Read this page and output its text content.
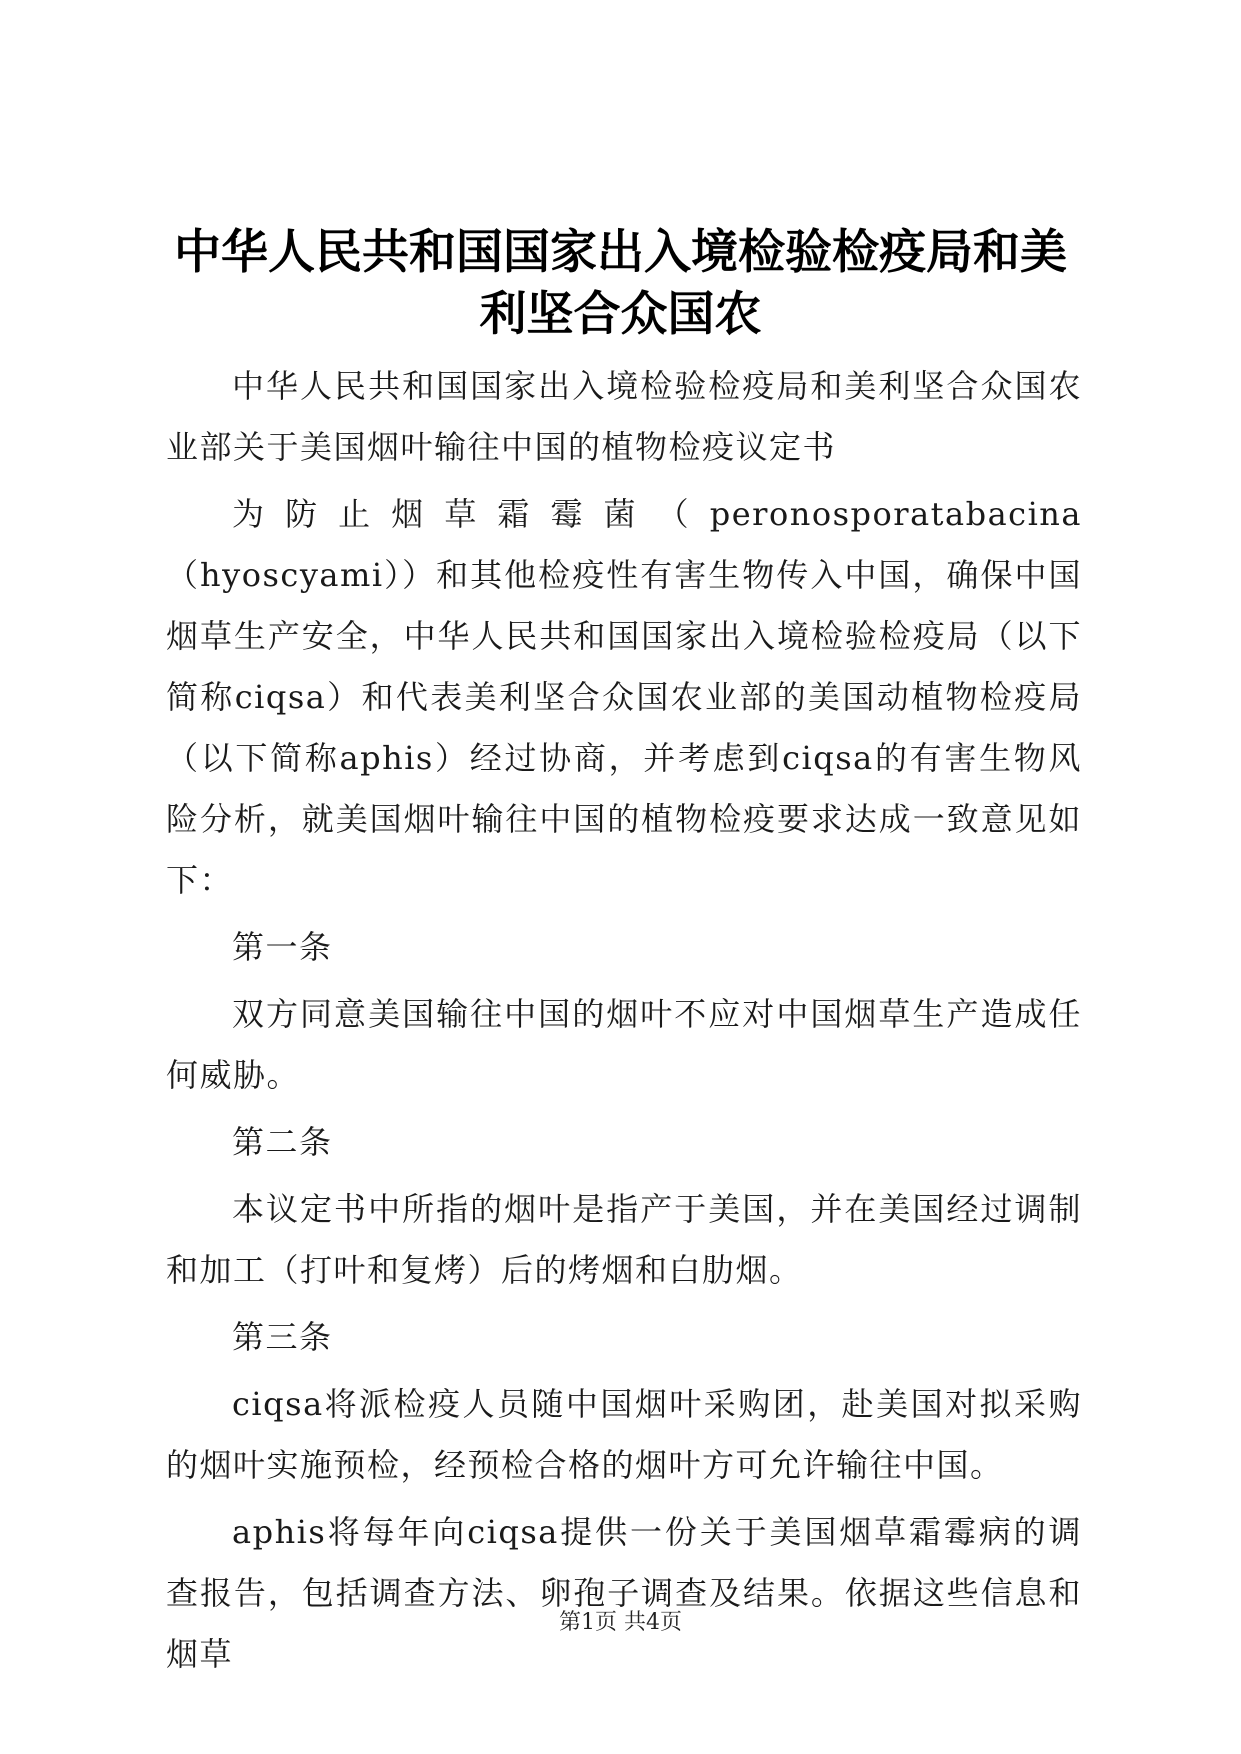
中华人民共和国国家出入境检验检疫局和美利坚合众国农

中华人民共和国国家出入境检验检疫局和美利坚合众国农业部关于美国烟叶输往中国的植物检疫议定书

为防止烟草霜霉菌（peronosporatabacina（hyoscyami））和其他检疫性有害生物传入中国，确保中国烟草生产安全，中华人民共和国国家出入境检验检疫局（以下简称ciqsa）和代表美利坚合众国农业部的美国动植物检疫局（以下简称aphis）经过协商，并考虑到ciqsa的有害生物风险分析，就美国烟叶输往中国的植物检疫要求达成一致意见如下：

第一条

双方同意美国输往中国的烟叶不应对中国烟草生产造成任何威胁。

第二条

本议定书中所指的烟叶是指产于美国，并在美国经过调制和加工（打叶和复烤）后的烤烟和白肋烟。

第三条

ciqsa将派检疫人员随中国烟叶采购团，赴美国对拟采购的烟叶实施预检，经预检合格的烟叶方可允许输往中国。

aphis将每年向ciqsa提供一份关于美国烟草霜霉病的调查报告，包括调查方法、卵孢子调查及结果。依据这些信息和烟草

第1页 共4页
